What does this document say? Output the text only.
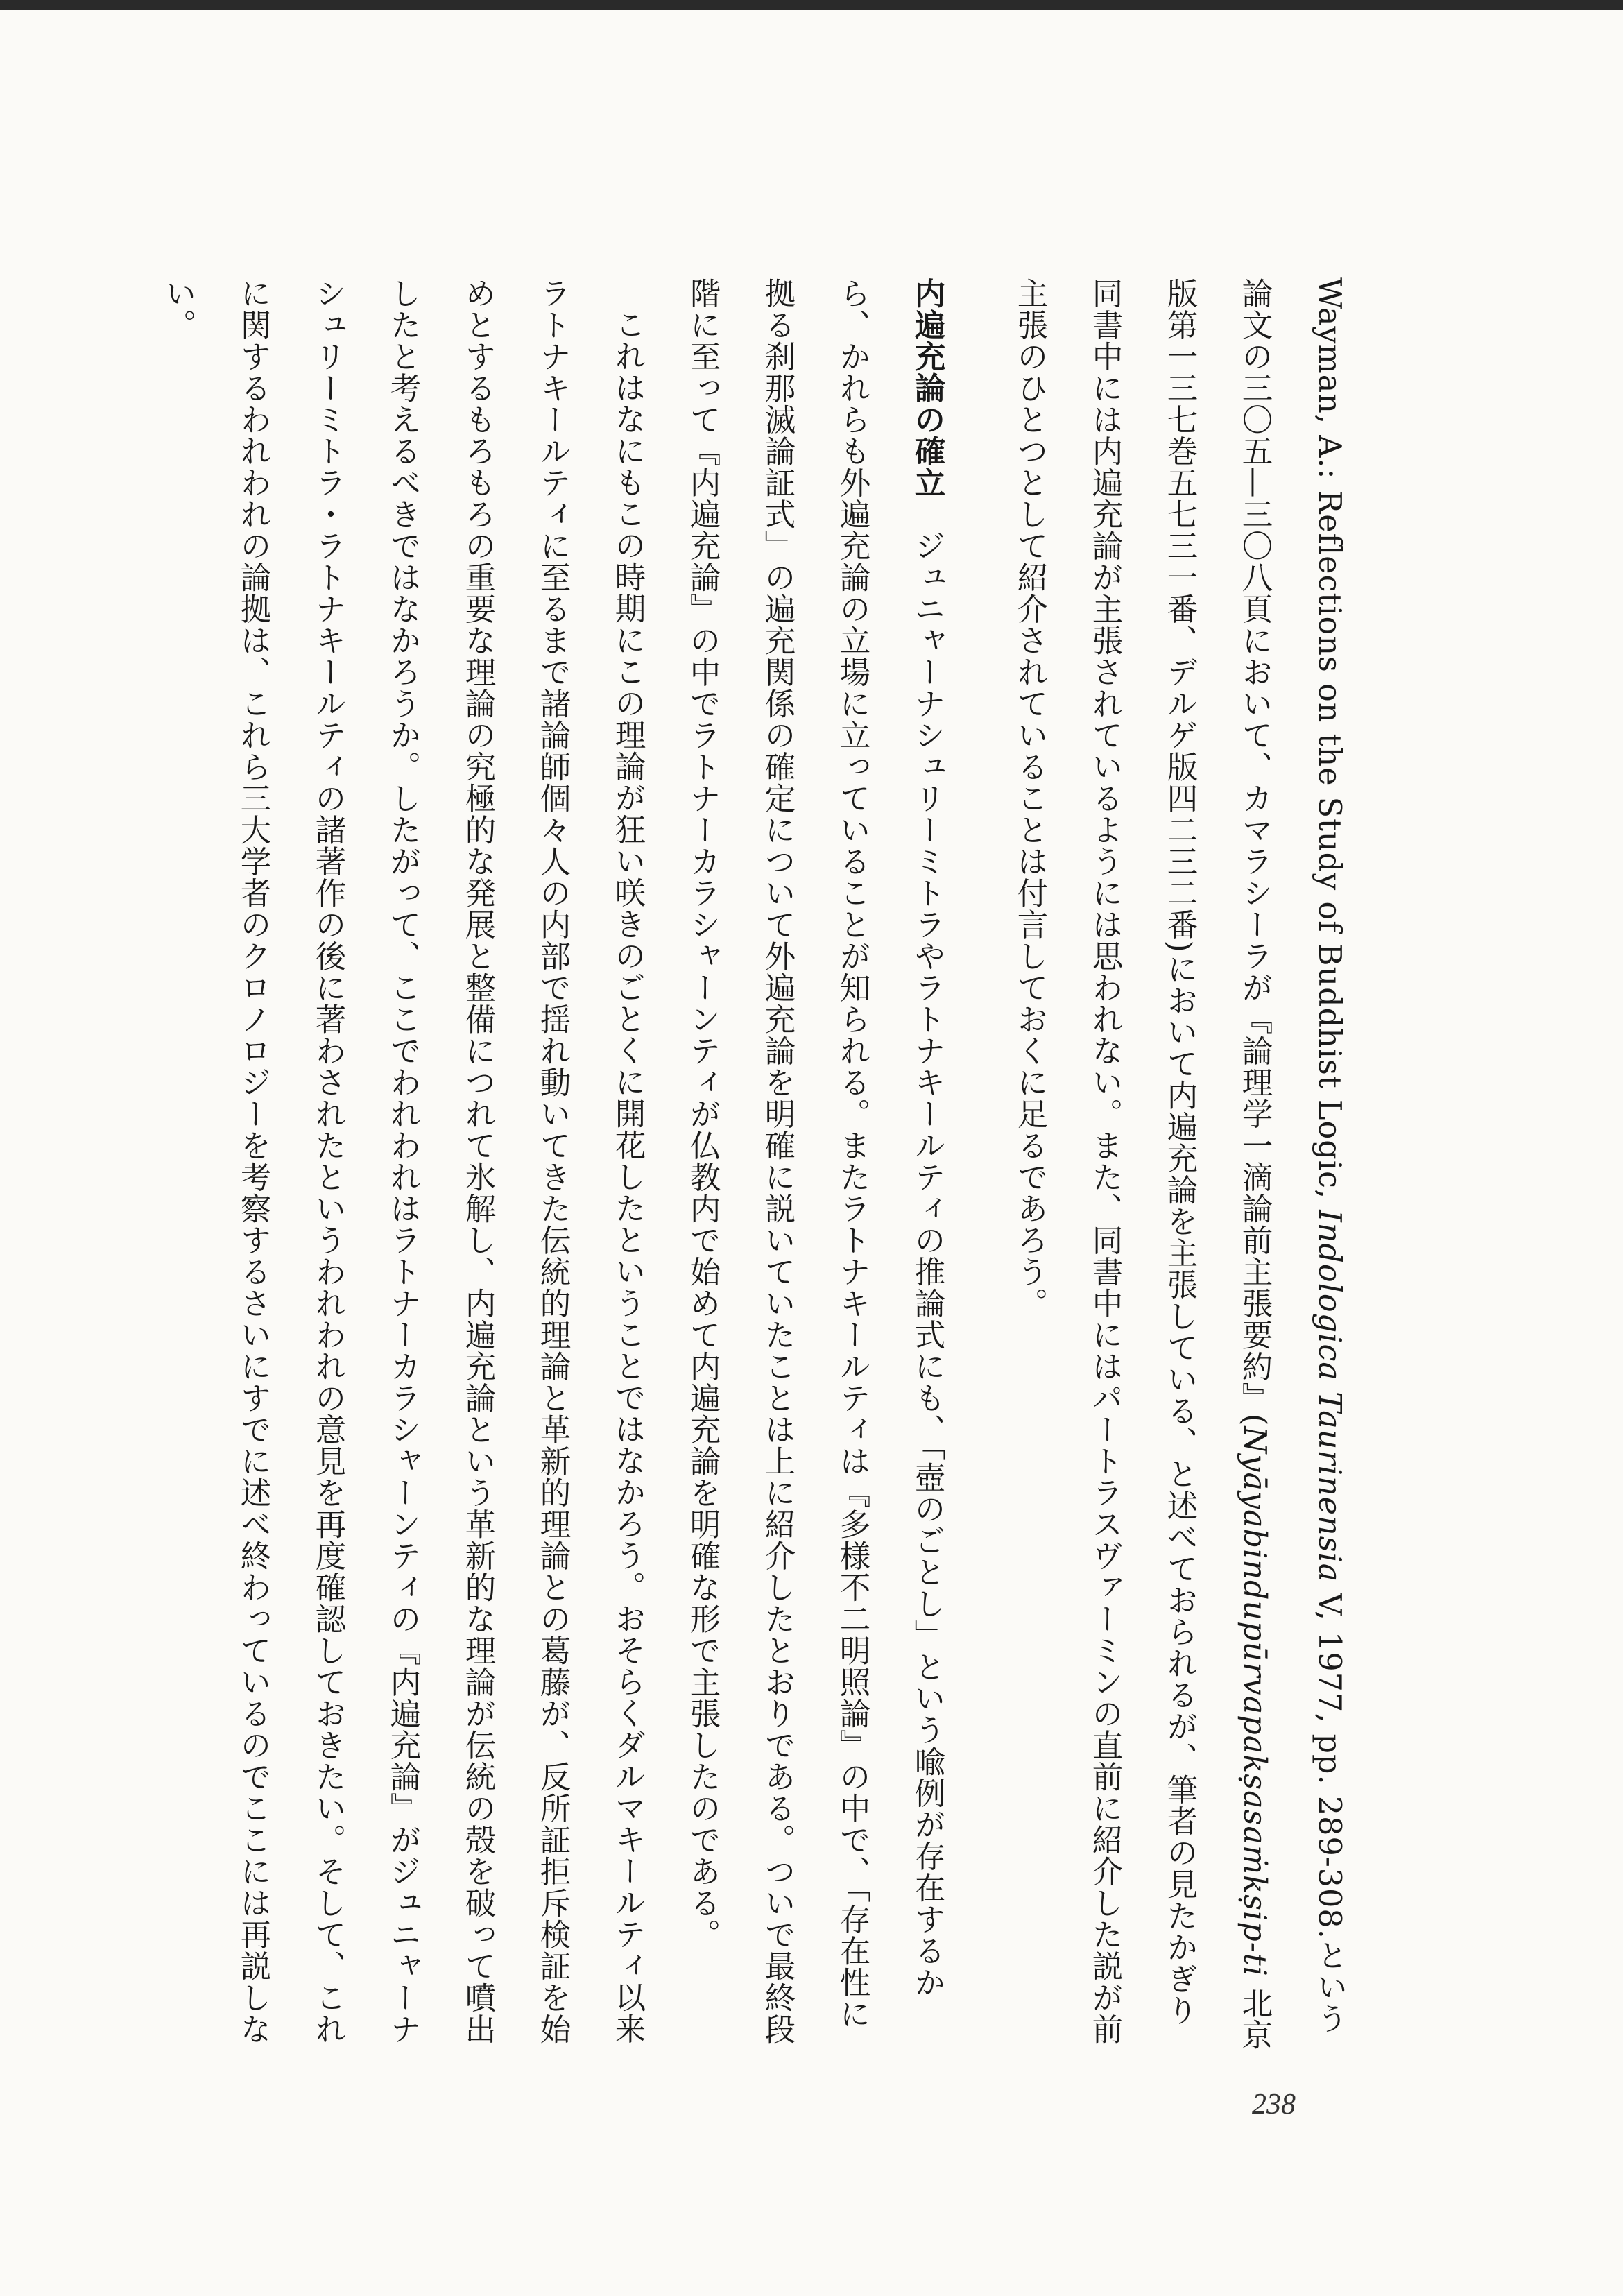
Wayman, A.: Reflections on the Study of Buddhist Logic, Indologica Taurinensia V, 1977, pp. 289-308.という論文の三〇五—三〇八頁において、カマラシーラが『論理学一滴論前主張要約』(Nyāyabindupūrvapakṣasaṁkṣip-ti 北京版第一三七巻五七三一番、デルゲ版四二三二番)において内遍充論を主張している、と述べておられるが、筆者の見たかぎり同書中には内遍充論が主張されているようには思われない。また、同書中にはパートラスヴァーミンの直前に紹介した説が前主張のひとつとして紹介されていることは付言しておくに足るであろう。

内遍充論の確立　ジュニャーナシュリーミトラやラトナキールティの推論式にも、「壺のごとし」という喩例が存在するから、かれらも外遍充論の立場に立っていることが知られる。またラトナキールティは『多様不二明照論』の中で、「存在性に拠る刹那滅論証式」の遍充関係の確定について外遍充論を明確に説いていたことは上に紹介したとおりである。ついで最終段階に至って『内遍充論』の中でラトナーカラシャーンティが仏教内で始めて内遍充論を明確な形で主張したのである。

これはなにもこの時期にこの理論が狂い咲きのごとくに開花したということではなかろう。おそらくダルマキールティ以来ラトナキールティに至るまで諸論師個々人の内部で揺れ動いてきた伝統的理論と革新的理論との葛藤が、反所証拒斥検証を始めとするもろもろの重要な理論の究極的な発展と整備につれて氷解し、内遍充論という革新的な理論が伝統の殻を破って噴出したと考えるべきではなかろうか。したがって、ここでわれわれはラトナーカラシャーンティの『内遍充論』がジュニャーナシュリーミトラ・ラトナキールティの諸著作の後に著わされたというわれわれの意見を再度確認しておきたい。そして、これに関するわれわれの論拠は、これら三大学者のクロノロジーを考察するさいにすでに述べ終わっているのでここには再説しない。

238
